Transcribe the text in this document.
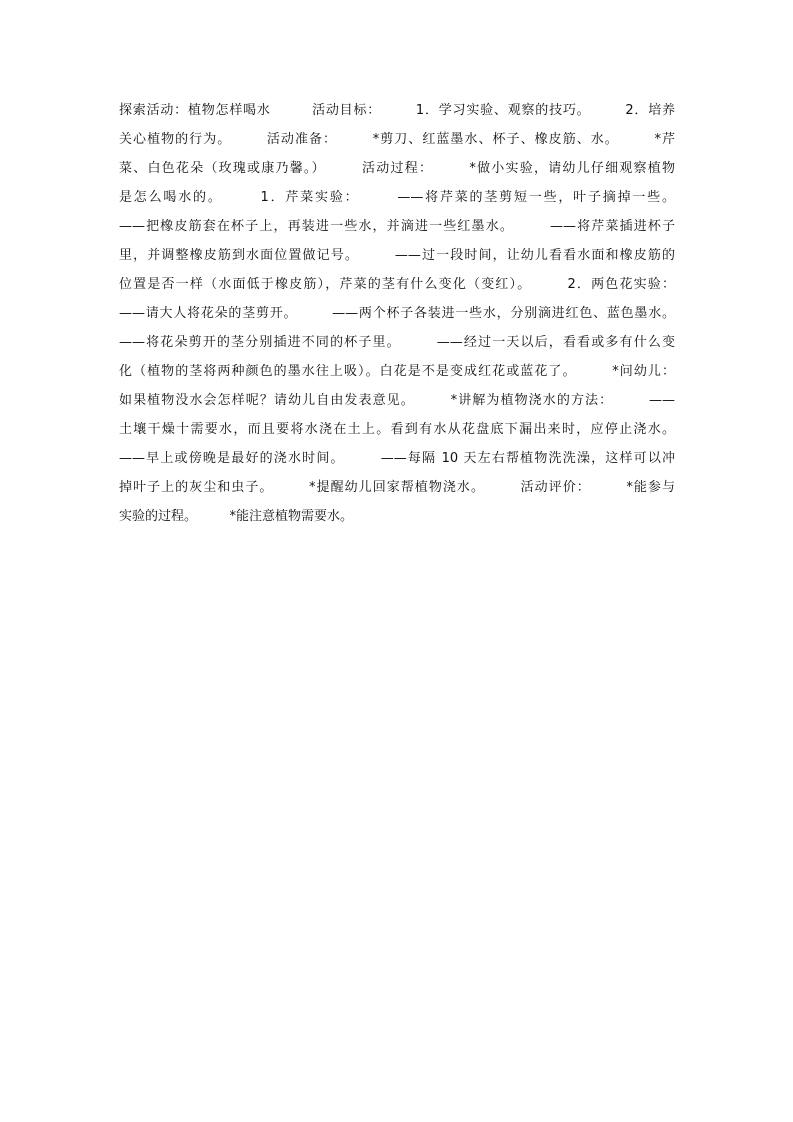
探索活动：植物怎样喝水　　　活动目标：　　　1．学习实验、观察的技巧。　　　2．培养
关心植物的行为。　　　活动准备：　　　*剪刀、红蓝墨水、杯子、橡皮筋、水。　　　*芹
菜、白色花朵（玫瑰或康乃馨。）　　　活动过程：　　　*做小实验，请幼儿仔细观察植物
是怎么喝水的。　　　1．芹菜实验：　　　——将芹菜的茎剪短一些，叶子摘掉一些。
——把橡皮筋套在杯子上，再装进一些水，并滴进一些红墨水。　　　——将芹菜插进杯子
里，并调整橡皮筋到水面位置做记号。　　　——过一段时间，让幼儿看看水面和橡皮筋的
位置是否一样（水面低于橡皮筋），芹菜的茎有什么变化（变红）。　　　2．两色花实验：
——请大人将花朵的茎剪开。　　　——两个杯子各装进一些水，分别滴进红色、蓝色墨水。
——将花朵剪开的茎分别插进不同的杯子里。　　　——经过一天以后，看看或多有什么变
化（植物的茎将两种颜色的墨水往上吸）。白花是不是变成红花或蓝花了。　　　*问幼儿：
如果植物没水会怎样呢？请幼儿自由发表意见。　　　*讲解为植物浇水的方法：　　　——
土壤干燥十需要水，而且要将水浇在土上。看到有水从花盘底下漏出来时，应停止浇水。
——早上或傍晚是最好的浇水时间。　　　——每隔 10 天左右帮植物洗洗澡，这样可以冲
掉叶子上的灰尘和虫子。　　　*提醒幼儿回家帮植物浇水。　　　活动评价：　　　*能参与
实验的过程。　　　*能注意植物需要水。
